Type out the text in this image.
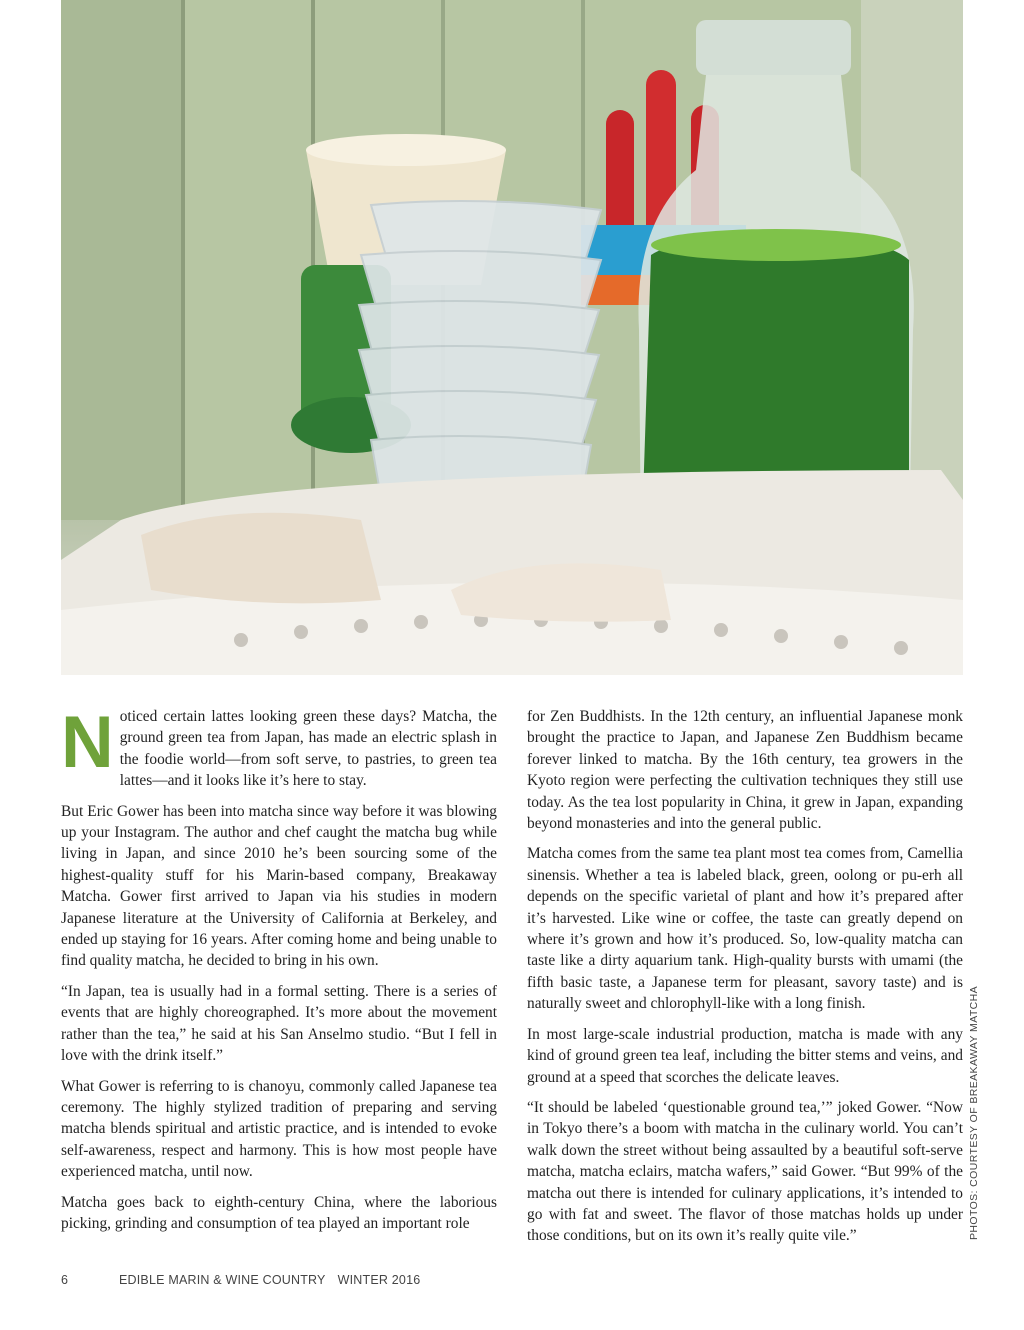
Noticed certain lattes looking green these days? Matcha, the ground green tea from Japan, has made an electric splash in the foodie world—from soft serve, to pastries, to green tea lattes—and it looks like it’s here to stay.

But Eric Gower has been into matcha since way before it was blowing up your Instagram. The author and chef caught the matcha bug while living in Japan, and since 2010 he’s been sourcing some of the highest-quality stuff for his Marin-based company, Breakaway Matcha. Gower first arrived to Japan via his studies in modern Japanese literature at the University of California at Berkeley, and ended up staying for 16 years. After coming home and being unable to find quality matcha, he decided to bring in his own.

“In Japan, tea is usually had in a formal setting. There is a series of events that are highly choreographed. It’s more about the movement rather than the tea,” he said at his San Anselmo studio. “But I fell in love with the drink itself.”

What Gower is referring to is chanoyu, commonly called Japanese tea ceremony. The highly stylized tradition of preparing and serving matcha blends spiritual and artistic practice, and is intended to evoke self-awareness, respect and harmony. This is how most people have experienced matcha, until now.

Matcha goes back to eighth-century China, where the laborious picking, grinding and consumption of tea played an important role

for Zen Buddhists. In the 12th century, an influential Japanese monk brought the practice to Japan, and Japanese Zen Buddhism became forever linked to matcha. By the 16th century, tea growers in the Kyoto region were perfecting the cultivation techniques they still use today. As the tea lost popularity in China, it grew in Japan, expanding beyond monasteries and into the general public.

Matcha comes from the same tea plant most tea comes from, Camellia sinensis. Whether a tea is labeled black, green, oolong or pu-erh all depends on the specific varietal of plant and how it’s prepared after it’s harvested. Like wine or coffee, the taste can greatly depend on where it’s grown and how it’s produced. So, low-quality matcha can taste like a dirty aquarium tank. High-quality bursts with umami (the fifth basic taste, a Japanese term for pleasant, savory taste) and is naturally sweet and chlorophyll-like with a long finish.

In most large-scale industrial production, matcha is made with any kind of ground green tea leaf, including the bitter stems and veins, and ground at a speed that scorches the delicate leaves.

“It should be labeled ‘questionable ground tea,’” joked Gower. “Now in Tokyo there’s a boom with matcha in the culinary world. You can’t walk down the street without being assaulted by a beautiful soft-serve matcha, matcha eclairs, matcha wafers,” said Gower. “But 99% of the matcha out there is intended for culinary applications, it’s intended to go with fat and sweet. The flavor of those matchas holds up under those conditions, but on its own it’s really quite vile.”	PHOTOS: COURTESY OF BREAKAWAY MATCHA
6	EDIBLE MARIN & WINE COUNTRY WINTER 2016
